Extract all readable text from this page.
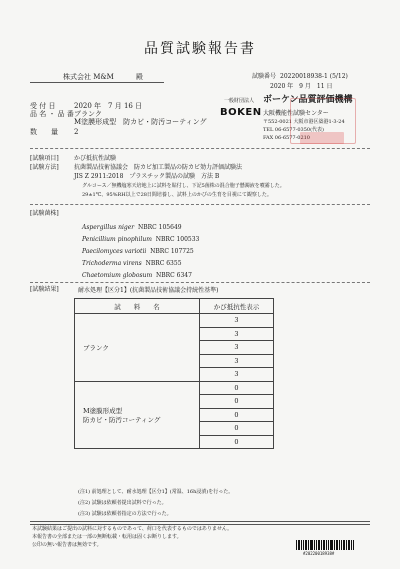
品質試験報告書
株式会社 M&M	殿	試験番号 20220018938-1 (5/12)
2020 年　9 月　11 日
一般財団法人 ボーケン品質評価機構
BOKEN 大阪機能性試験センター
〒552-0021 大阪市港区築港1-3-24
TEL 06-6577-0350(代表)
FAX 06-6577-0210
受 付 日	2020 年　7 月 16 日
品 名 ・ 品 番 ブランク
M塗膜形成型　防カビ・防汚コーティング
数　　量 2
[試験項目]	かび抵抗性試験
[試験方法]	抗菌製品技術協議会　防カビ加工製品の防カビ効力評価試験法
JIS Z 2911:2018　プラスチック製品の試験　方法 B
グルコース／無機塩寒天培地上に試料を貼付し、下記5菌株の混合胞子懸濁液を噴霧した。
29±1℃、95%RH以上で28日間培養し、試料上のかびの生育を目視にて観察した。
[試験菌株]
Aspergillus niger NBRC 105649
Penicillium pinophilum NBRC 100533
Paecilomyces variotii NBRC 107725
Trichoderma virens NBRC 6355
Chaetomium globosum NBRC 6347
[試験結果]	耐水処理【区分1】(抗菌製品技術協議会持続性基準)
試　　料　　名	かび抵抗性表示
ブランク	3
	3
	3
	3
	3

M塗膜形成型
防カビ・防汚コーティング	0
	0
	0
	0
	0
(注1) 前処理として、耐水処理【区分1】(常温、16h浸漬)を行った。
(注2) 試験は依頼者提出試料で行った。
(注3) 試験は依頼者指定の方法で行った。
本試験結果はご提出の試料に対するものであって、荷口を代表するものではありません。
本報告書の全部または一部の無断転載・転用は固くお断りします。
公印の無い報告書は無効です。
#20220018938#
